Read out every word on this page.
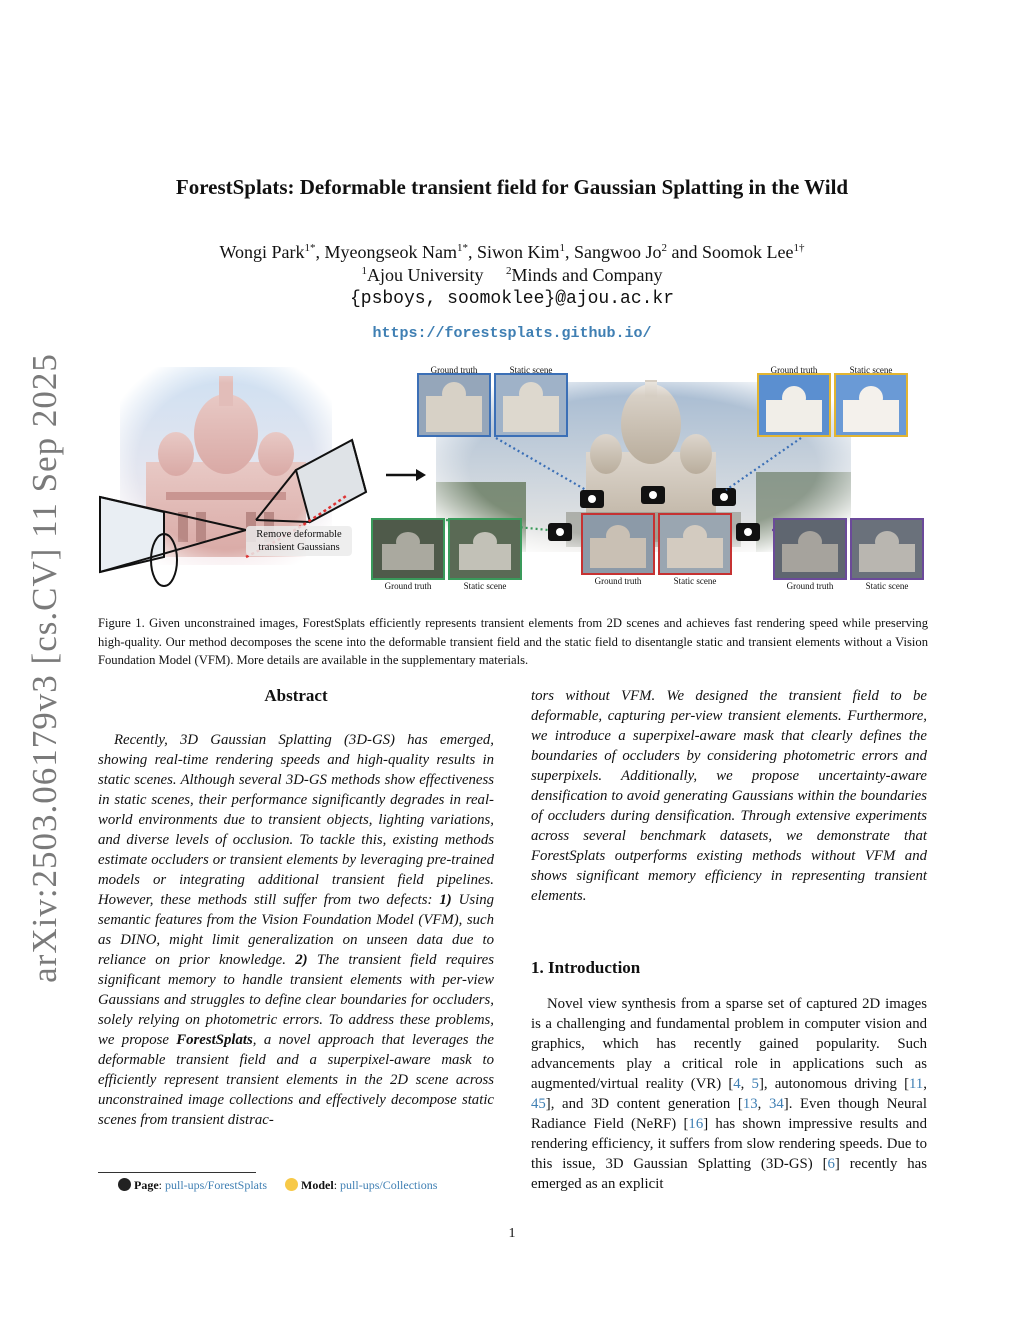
arXiv:2503.06179v3 [cs.CV] 11 Sep 2025
ForestSplats: Deformable transient field for Gaussian Splatting in the Wild
Wongi Park$^{1*}$, Myeongseok Nam$^{1*}$, Siwon Kim$^1$, Sangwoo Jo$^2$ and Soomok Lee$^{1\dagger}$
$^1$Ajou University $^2$Minds and Company
{psboys, soomoklee}@ajou.ac.kr
https://forestsplats.github.io/
Remove deformable
transient Gaussians
Ground truth	Static scene	Ground truth	Static scene
Ground truth	Static scene	Ground truth	Static scene	Ground truth	Static scene
Figure 1. Given unconstrained images, ForestSplats efficiently represents transient elements from 2D scenes and achieves fast rendering speed while preserving high-quality. Our method decomposes the scene into the deformable transient field and the static field to disentangle static and transient elements without a Vision Foundation Model (VFM). More details are available in the supplementary materials.
Abstract
Recently, 3D Gaussian Splatting (3D-GS) has emerged, showing real-time rendering speeds and high-quality results in static scenes. Although several 3D-GS methods show effectiveness in static scenes, their performance significantly degrades in real-world environments due to transient objects, lighting variations, and diverse levels of occlusion. To tackle this, existing methods estimate occluders or transient elements by leveraging pre-trained models or integrating additional transient field pipelines. However, these methods still suffer from two defects: 1) Using semantic features from the Vision Foundation Model (VFM), such as DINO, might limit generalization on unseen data due to reliance on prior knowledge. 2) The transient field requires significant memory to handle transient elements with per-view Gaussians and struggles to define clear boundaries for occluders, solely relying on photometric errors. To address these problems, we propose ForestSplats, a novel approach that leverages the deformable transient field and a superpixel-aware mask to efficiently represent transient elements in the 2D scene across unconstrained image collections and effectively decompose static scenes from transient distrac-
tors without VFM. We designed the transient field to be deformable, capturing per-view transient elements. Furthermore, we introduce a superpixel-aware mask that clearly defines the boundaries of occluders by considering photometric errors and superpixels. Additionally, we propose uncertainty-aware densification to avoid generating Gaussians within the boundaries of occluders during densification. Through extensive experiments across several benchmark datasets, we demonstrate that ForestSplats outperforms existing methods without VFM and shows significant memory efficiency in representing transient elements.
1. Introduction
Novel view synthesis from a sparse set of captured 2D images is a challenging and fundamental problem in computer vision and graphics, which has recently gained popularity. Such advancements play a critical role in applications such as augmented/virtual reality (VR) [4, 5], autonomous driving [11, 45], and 3D content generation [13, 34]. Even though Neural Radiance Field (NeRF) [16] has shown impressive results and rendering efficiency, it suffers from slow rendering speeds. Due to this issue, 3D Gaussian Splatting (3D-GS) [6] recently has emerged as an explicit
Page: pull-ups/ForestSplats	Model: pull-ups/Collections
1
